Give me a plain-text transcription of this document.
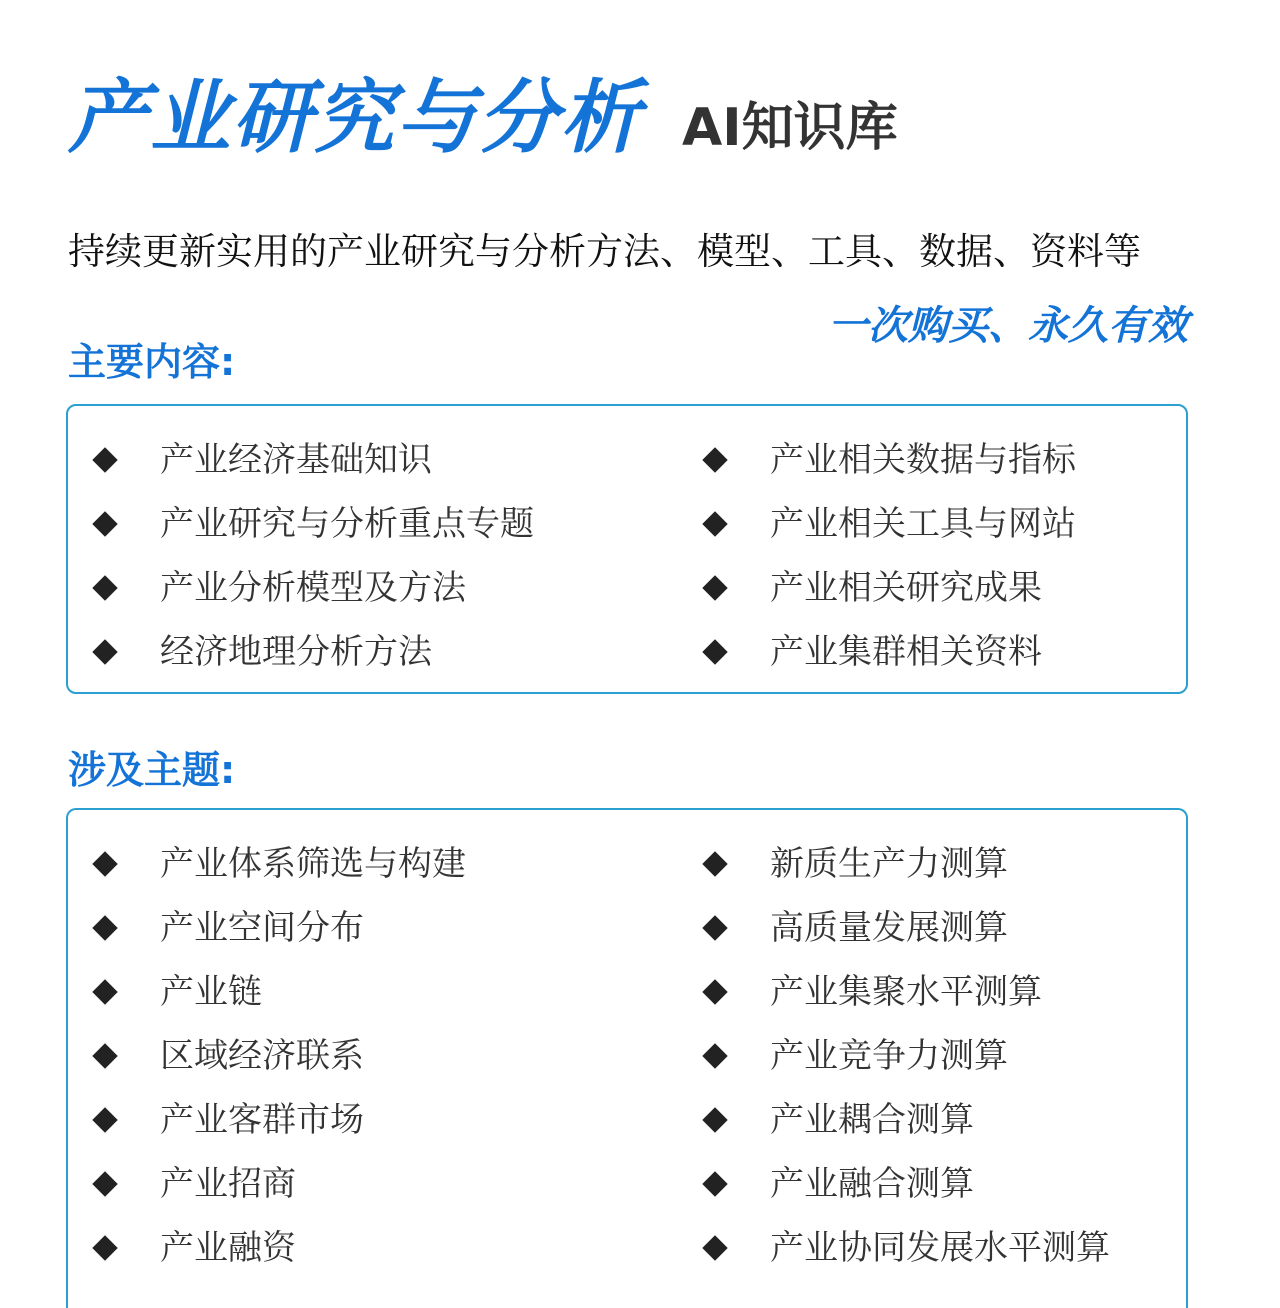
产业研究与分析 AI知识库
持续更新实用的产业研究与分析方法、模型、工具、数据、资料等
一次购买、永久有效
主要内容:
产业经济基础知识	产业相关数据与指标
产业研究与分析重点专题	产业相关工具与网站
产业分析模型及方法	产业相关研究成果
经济地理分析方法	产业集群相关资料
涉及主题:
产业体系筛选与构建	新质生产力测算
产业空间分布	高质量发展测算
产业链	产业集聚水平测算
区域经济联系	产业竞争力测算
产业客群市场	产业耦合测算
产业招商	产业融合测算
产业融资	产业协同发展水平测算
